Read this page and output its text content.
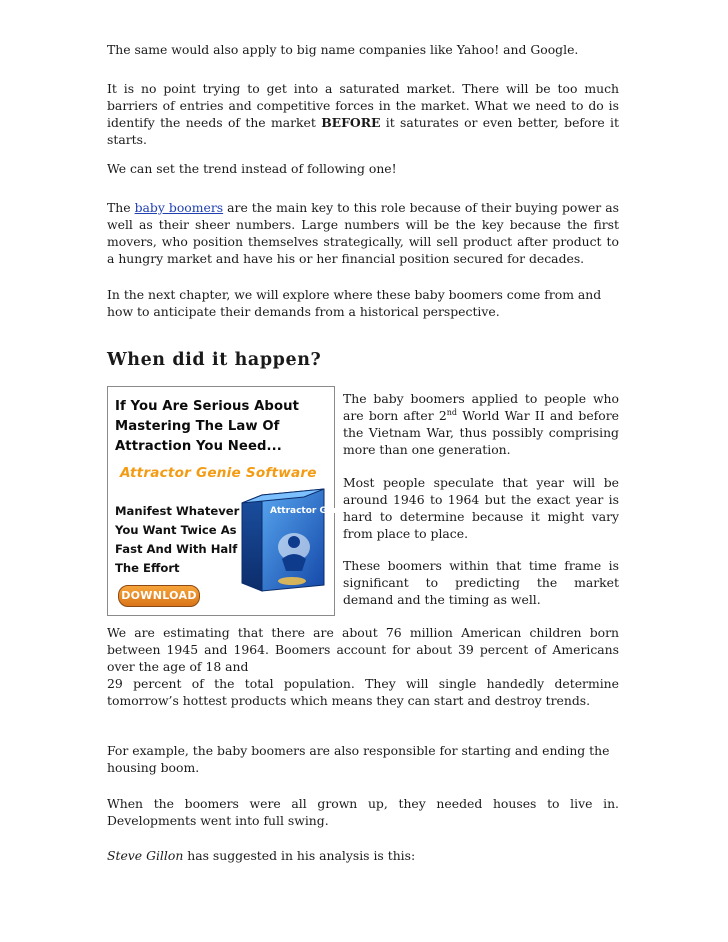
The same would also apply to big name companies like Yahoo! and Google.

It is no point trying to get into a saturated market. There will be too much barriers of entries and competitive forces in the market. What we need to do is identify the needs of the market BEFORE it saturates or even better, before it starts.

We can set the trend instead of following one!

The baby boomers are the main key to this role because of their buying power as well as their sheer numbers. Large numbers will be the key because the first movers, who position themselves strategically, will sell product after product to a hungry market and have his or her financial position secured for decades.

In the next chapter, we will explore where these baby boomers come from and how to anticipate their demands from a historical perspective.

When did it happen?
If You Are Serious About Mastering The Law Of Attraction You Need...
Attractor Genie Software
Manifest Whatever You Want Twice As Fast And With Half The Effort
Attractor Genie
DOWNLOAD

The baby boomers applied to people who are born after 2nd World War II and before the Vietnam War, thus possibly comprising more than one generation.

Most people speculate that year will be around 1946 to 1964 but the exact year is hard to determine because it might vary from place to place.

These boomers within that time frame is significant to predicting the market demand and the timing as well.

We are estimating that there are about 76 million American children born between 1945 and 1964. Boomers account for about 39 percent of Americans over the age of 18 and

29 percent of the total population. They will single handedly determine tomorrow’s hottest products which means they can start and destroy trends.

For example, the baby boomers are also responsible for starting and ending the housing boom.

When the boomers were all grown up, they needed houses to live in. Developments went into full swing.

Steve Gillon has suggested in his analysis is this:
